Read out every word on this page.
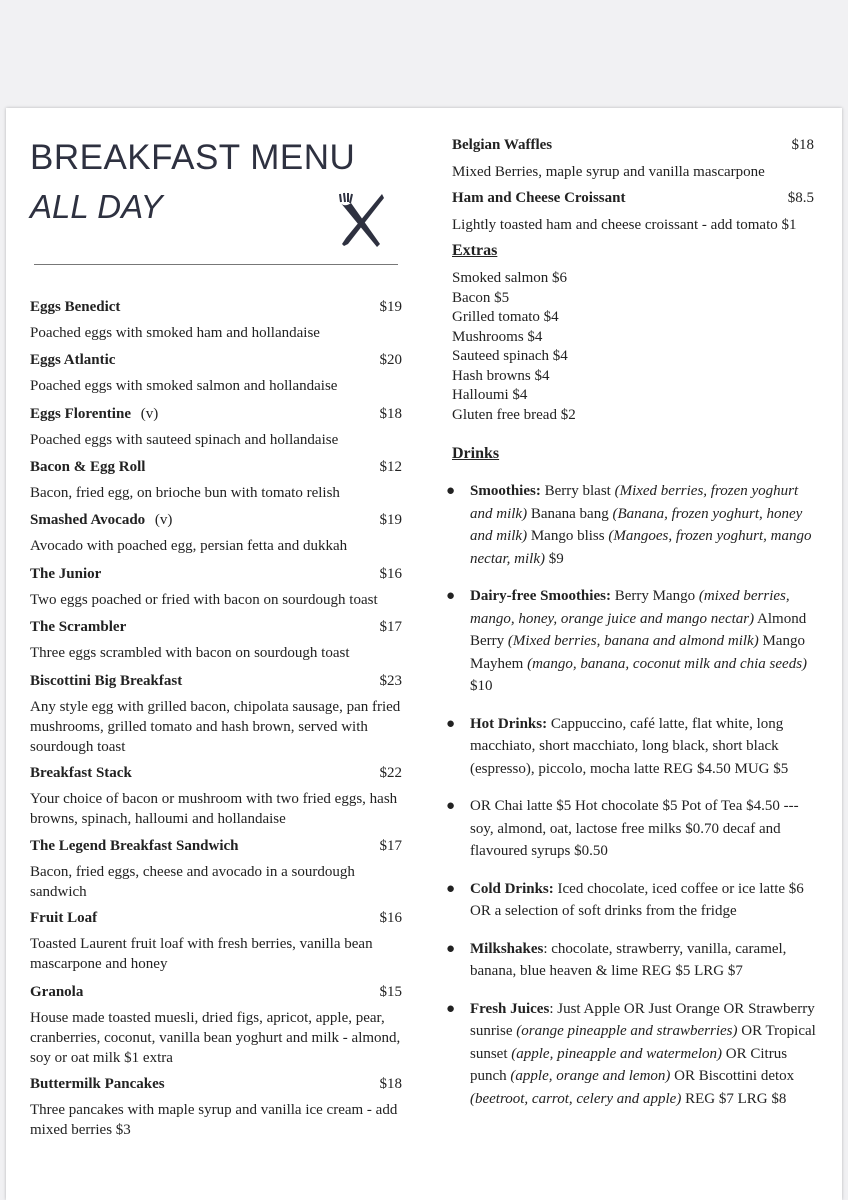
BREAKFAST MENU
ALL DAY
Eggs Benedict	$19
Poached eggs with smoked ham and hollandaise
Eggs Atlantic	$20
Poached eggs with smoked salmon and hollandaise
Eggs Florentine (v)	$18
Poached eggs with sauteed spinach and hollandaise
Bacon & Egg Roll	$12
Bacon, fried egg, on brioche bun with tomato relish
Smashed Avocado (v)	$19
Avocado with poached egg, persian fetta and dukkah
The Junior	$16
Two eggs poached or fried with bacon on sourdough toast
The Scrambler	$17
Three eggs scrambled with bacon on sourdough toast
Biscottini Big Breakfast	$23
Any style egg with grilled bacon, chipolata sausage, pan fried mushrooms, grilled tomato and hash brown, served with sourdough toast
Breakfast Stack	$22
Your choice of bacon or mushroom with two fried eggs, hash browns, spinach, halloumi and hollandaise
The Legend Breakfast Sandwich	$17
Bacon, fried eggs, cheese and avocado in a sourdough sandwich
Fruit Loaf	$16
Toasted Laurent fruit loaf with fresh berries, vanilla bean mascarpone and honey
Granola	$15
House made toasted muesli, dried figs, apricot, apple, pear, cranberries, coconut, vanilla bean yoghurt and milk - almond, soy or oat milk $1 extra
Buttermilk Pancakes	$18
Three pancakes with maple syrup and vanilla ice cream - add mixed berries $3
Belgian Waffles	$18
Mixed Berries, maple syrup and vanilla mascarpone
Ham and Cheese Croissant	$8.5
Lightly toasted ham and cheese croissant - add tomato $1
Extras
Smoked salmon $6
Bacon $5
Grilled tomato $4
Mushrooms $4
Sauteed spinach $4
Hash browns $4
Halloumi $4
Gluten free bread $2
Drinks
● Smoothies: Berry blast (Mixed berries, frozen yoghurt and milk) Banana bang (Banana, frozen yoghurt, honey and milk) Mango bliss (Mangoes, frozen yoghurt, mango nectar, milk) $9
● Dairy-free Smoothies: Berry Mango (mixed berries, mango, honey, orange juice and mango nectar) Almond Berry (Mixed berries, banana and almond milk) Mango Mayhem (mango, banana, coconut milk and chia seeds) $10
● Hot Drinks: Cappuccino, café latte, flat white, long macchiato, short macchiato, long black, short black (espresso), piccolo, mocha latte REG $4.50 MUG $5
● OR Chai latte $5 Hot chocolate $5 Pot of Tea $4.50 --- soy, almond, oat, lactose free milks $0.70 decaf and flavoured syrups $0.50
● Cold Drinks: Iced chocolate, iced coffee or ice latte $6 OR a selection of soft drinks from the fridge
● Milkshakes: chocolate, strawberry, vanilla, caramel, banana, blue heaven & lime REG $5 LRG $7
● Fresh Juices: Just Apple OR Just Orange OR Strawberry sunrise (orange pineapple and strawberries) OR Tropical sunset (apple, pineapple and watermelon) OR Citrus punch (apple, orange and lemon) OR Biscottini detox (beetroot, carrot, celery and apple) REG $7 LRG $8
